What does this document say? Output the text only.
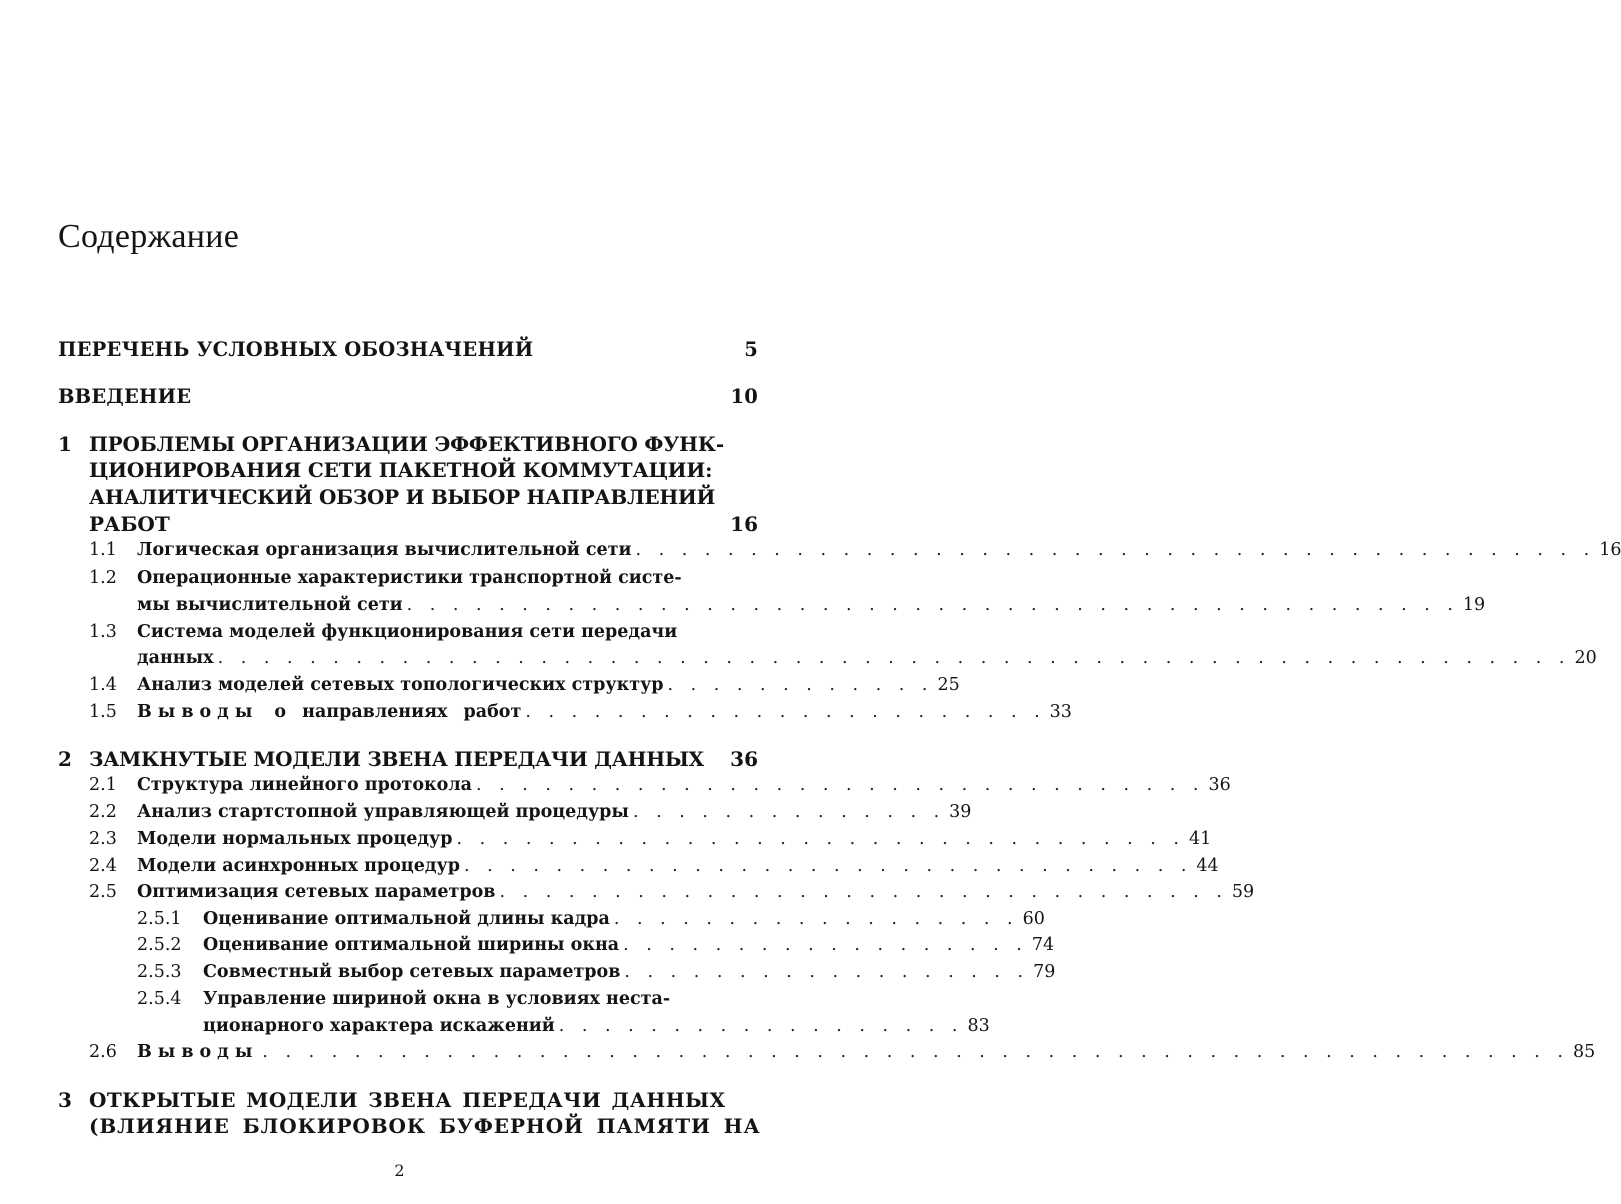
Содержание
ПЕРЕЧЕНЬ УСЛОВНЫХ ОБОЗНАЧЕНИЙ	5
ВВЕДЕНИЕ	10
1 ПРОБЛЕМЫ ОРГАНИЗАЦИИ ЭФФЕКТИВНОГО ФУНК-
ЦИОНИРОВАНИЯ СЕТИ ПАКЕТНОЙ КОММУТАЦИИ:
АНАЛИТИЧЕСКИЙ ОБЗОР И ВЫБОР НАПРАВЛЕНИЙ
РАБОТ	16
1.1	Логическая организация вычислительной сети . . . . . . . . . . . . . . . . . . . . . . . . . . . . . . . . . . . . . . . . . . 16
1.2 Операционные характеристики транспортной систе-
мы вычислительной сети . . . . . . . . . . . . . . . . . . . . . . . . . . . . . . . . . . . . . . . . . . . . . . 19
1.3 Система моделей функционирования сети передачи
данных . . . . . . . . . . . . . . . . . . . . . . . . . . . . . . . . . . . . . . . . . . . . . . . . . . . . . . . . . . . 20
1.4	Анализ моделей сетевых топологических структур . . . . . . . . . . . . 25
1.5	Выводы о направлениях работ . . . . . . . . . . . . . . . . . . . . . . . 33
2 ЗАМКНУТЫЕ МОДЕЛИ ЗВЕНА ПЕРЕДАЧИ ДАННЫХ 36
2.1	Структура линейного протокола . . . . . . . . . . . . . . . . . . . . . . . . . . . . . . . . 36
2.2	Анализ стартстопной управляющей процедуры . . . . . . . . . . . . . . 39
2.3	Модели нормальных процедур . . . . . . . . . . . . . . . . . . . . . . . . . . . . . . . . 41
2.4	Модели асинхронных процедур . . . . . . . . . . . . . . . . . . . . . . . . . . . . . . . . 44
2.5	Оптимизация сетевых параметров . . . . . . . . . . . . . . . . . . . . . . . . . . . . . . . . 59
2.5.1	Оценивание оптимальной длины кадра . . . . . . . . . . . . . . . . . . 60
2.5.2	Оценивание оптимальной ширины окна . . . . . . . . . . . . . . . . . . 74
2.5.3	Совместный выбор сетевых параметров . . . . . . . . . . . . . . . . . . 79
2.5.4 Управление шириной окна в условиях неста-
ционарного характера искажений . . . . . . . . . . . . . . . . . . 83
2.6	Выводы . . . . . . . . . . . . . . . . . . . . . . . . . . . . . . . . . . . . . . . . . . . . . . . . . . . . . . . . . 85
3 ОТКРЫТЫЕ МОДЕЛИ ЗВЕНА ПЕРЕДАЧИ ДАННЫХ
(ВЛИЯНИЕ БЛОКИРОВОК БУФЕРНОЙ ПАМЯТИ НА
2
